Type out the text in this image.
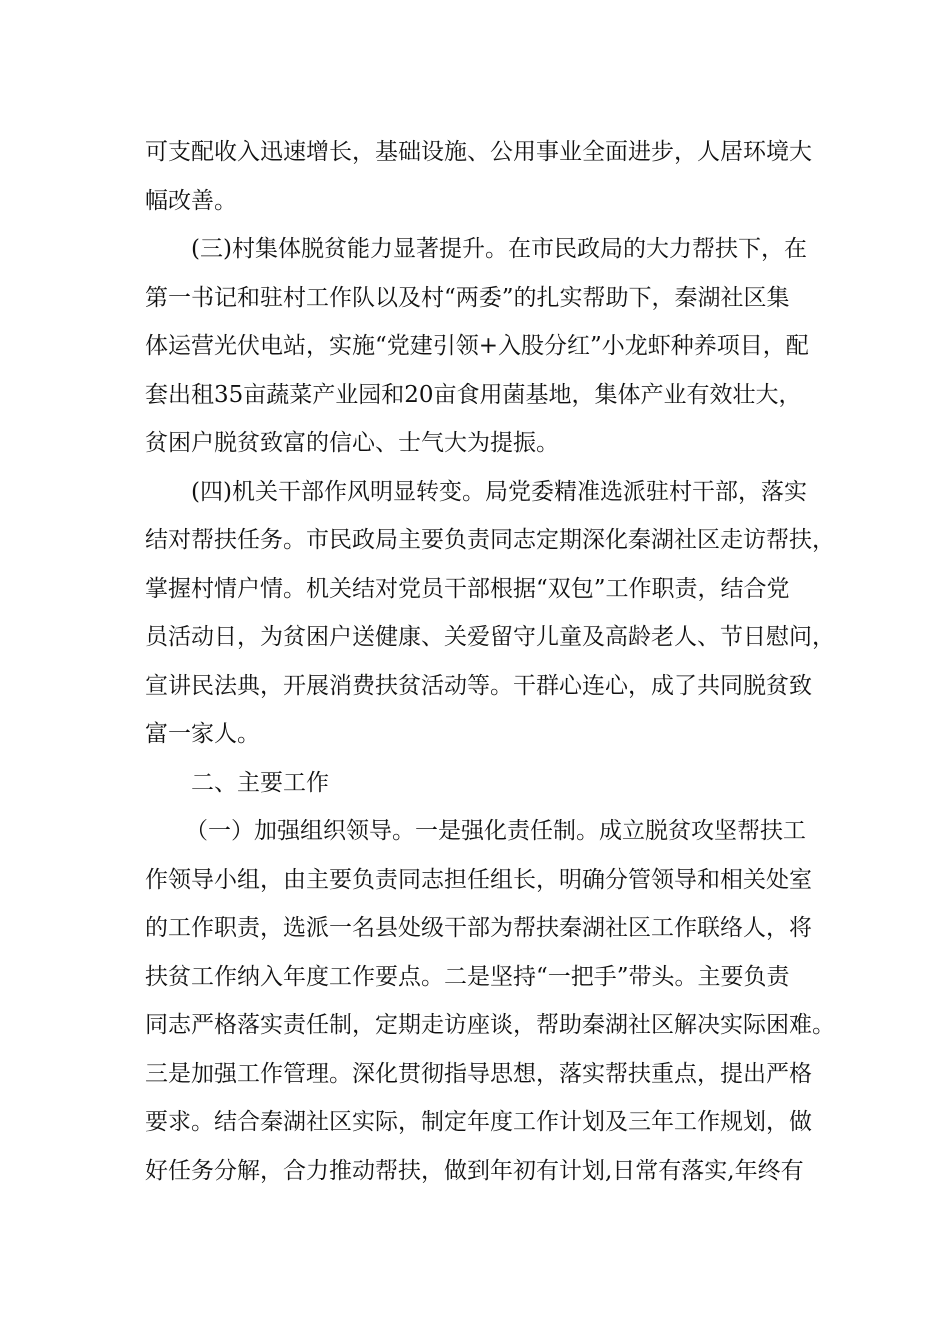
可支配收入迅速增长，基础设施、公用事业全面进步，人居环境大
幅改善。
(三)村集体脱贫能力显著提升。在市民政局的大力帮扶下，在
第一书记和驻村工作队以及村“两委”的扎实帮助下，秦湖社区集
体运营光伏电站，实施“党建引领+入股分红”小龙虾种养项目，配
套出租35亩蔬菜产业园和20亩食用菌基地，集体产业有效壮大，
贫困户脱贫致富的信心、士气大为提振。
(四)机关干部作风明显转变。局党委精准选派驻村干部，落实
结对帮扶任务。市民政局主要负责同志定期深化秦湖社区走访帮扶，
掌握村情户情。机关结对党员干部根据“双包”工作职责，结合党
员活动日，为贫困户送健康、关爱留守儿童及高龄老人、节日慰问，
宣讲民法典，开展消费扶贫活动等。干群心连心，成了共同脱贫致
富一家人。
二、主要工作
（一）加强组织领导。一是强化责任制。成立脱贫攻坚帮扶工
作领导小组，由主要负责同志担任组长，明确分管领导和相关处室
的工作职责，选派一名县处级干部为帮扶秦湖社区工作联络人，将
扶贫工作纳入年度工作要点。二是坚持“一把手”带头。主要负责
同志严格落实责任制，定期走访座谈，帮助秦湖社区解决实际困难。
三是加强工作管理。深化贯彻指导思想，落实帮扶重点，提出严格
要求。结合秦湖社区实际，制定年度工作计划及三年工作规划，做
好任务分解，合力推动帮扶，做到年初有计划,日常有落实,年终有
